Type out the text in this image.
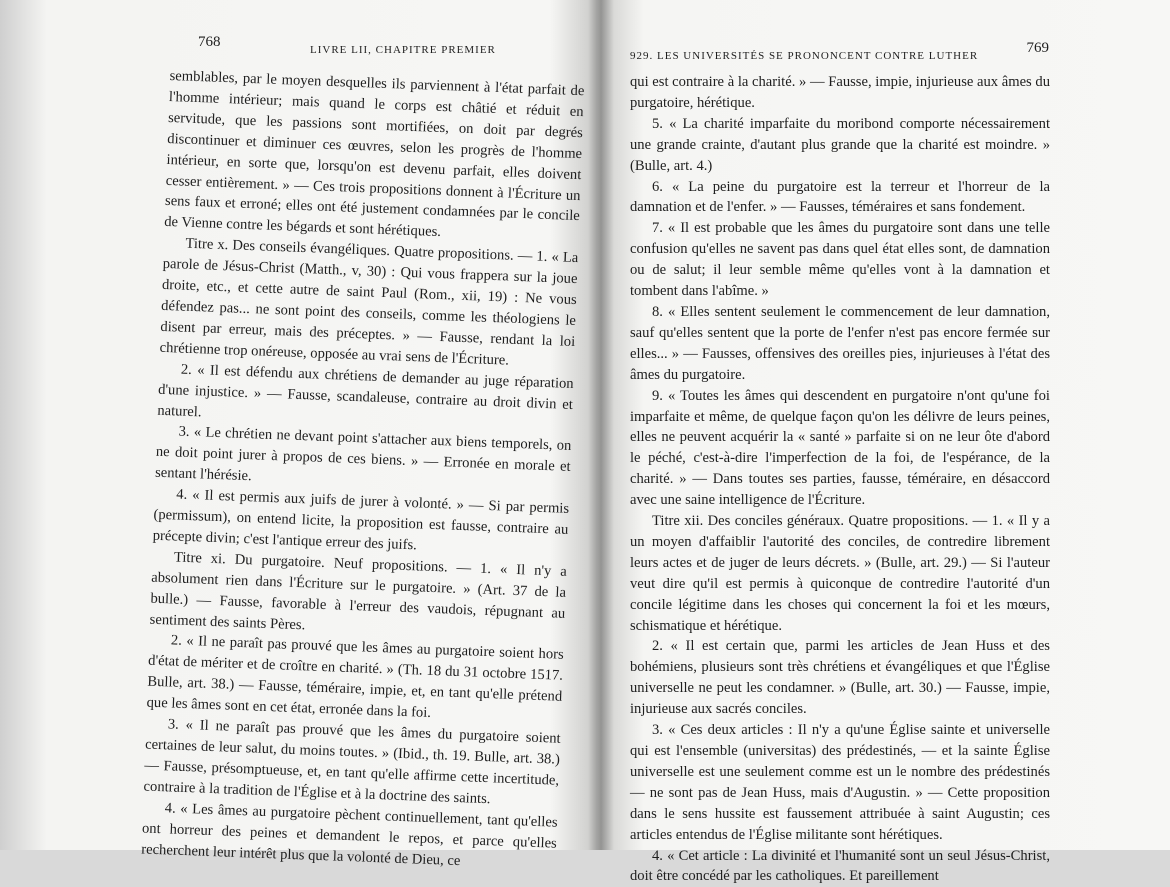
768	LIVRE LII, CHAPITRE PREMIER

semblables, par le moyen desquelles ils parviennent à l'état parfait de l'homme intérieur; mais quand le corps est châtié et réduit en servitude, que les passions sont mortifiées, on doit par degrés discontinuer et diminuer ces œuvres, selon les progrès de l'homme intérieur, en sorte que, lorsqu'on est devenu parfait, elles doivent cesser entièrement. » — Ces trois propositions donnent à l'Écriture un sens faux et erroné; elles ont été justement condamnées par le concile de Vienne contre les bégards et sont hérétiques.

Titre x. Des conseils évangéliques. Quatre propositions. — 1. « La parole de Jésus-Christ (Matth., v, 30) : Qui vous frappera sur la joue droite, etc., et cette autre de saint Paul (Rom., xii, 19) : Ne vous défendez pas... ne sont point des conseils, comme les théologiens le disent par erreur, mais des préceptes. » — Fausse, rendant la loi chrétienne trop onéreuse, opposée au vrai sens de l'Écriture.

2. « Il est défendu aux chrétiens de demander au juge réparation d'une injustice. » — Fausse, scandaleuse, contraire au droit divin et naturel.

3. « Le chrétien ne devant point s'attacher aux biens temporels, on ne doit point jurer à propos de ces biens. » — Erronée en morale et sentant l'hérésie.

4. « Il est permis aux juifs de jurer à volonté. » — Si par permis (permissum), on entend licite, la proposition est fausse, contraire au précepte divin; c'est l'antique erreur des juifs.

Titre xi. Du purgatoire. Neuf propositions. — 1. « Il n'y a absolument rien dans l'Écriture sur le purgatoire. » (Art. 37 de la bulle.) — Fausse, favorable à l'erreur des vaudois, répugnant au sentiment des saints Pères.

2. « Il ne paraît pas prouvé que les âmes au purgatoire soient hors d'état de mériter et de croître en charité. » (Th. 18 du 31 octobre 1517. Bulle, art. 38.) — Fausse, téméraire, impie, et, en tant qu'elle prétend que les âmes sont en cet état, erronée dans la foi.

3. « Il ne paraît pas prouvé que les âmes du purgatoire soient certaines de leur salut, du moins toutes. » (Ibid., th. 19. Bulle, art. 38.) — Fausse, présomptueuse, et, en tant qu'elle affirme cette incertitude, contraire à la tradition de l'Église et à la doctrine des saints.

4. « Les âmes au purgatoire pèchent continuellement, tant qu'elles ont horreur des peines et demandent le repos, et parce qu'elles recherchent leur intérêt plus que la volonté de Dieu, ce

929. LES UNIVERSITÉS SE PRONONCENT CONTRE LUTHER	769

qui est contraire à la charité. » — Fausse, impie, injurieuse aux âmes du purgatoire, hérétique.

5. « La charité imparfaite du moribond comporte nécessairement une grande crainte, d'autant plus grande que la charité est moindre. » (Bulle, art. 4.)

6. « La peine du purgatoire est la terreur et l'horreur de la damnation et de l'enfer. » — Fausses, téméraires et sans fondement.

7. « Il est probable que les âmes du purgatoire sont dans une telle confusion qu'elles ne savent pas dans quel état elles sont, de damnation ou de salut; il leur semble même qu'elles vont à la damnation et tombent dans l'abîme. »

8. « Elles sentent seulement le commencement de leur damnation, sauf qu'elles sentent que la porte de l'enfer n'est pas encore fermée sur elles... » — Fausses, offensives des oreilles pies, injurieuses à l'état des âmes du purgatoire.

9. « Toutes les âmes qui descendent en purgatoire n'ont qu'une foi imparfaite et même, de quelque façon qu'on les délivre de leurs peines, elles ne peuvent acquérir la « santé » parfaite si on ne leur ôte d'abord le péché, c'est-à-dire l'imperfection de la foi, de l'espérance, de la charité. » — Dans toutes ses parties, fausse, téméraire, en désaccord avec une saine intelligence de l'Écriture.

Titre xii. Des conciles généraux. Quatre propositions. — 1. « Il y a un moyen d'affaiblir l'autorité des conciles, de contredire librement leurs actes et de juger de leurs décrets. » (Bulle, art. 29.) — Si l'auteur veut dire qu'il est permis à quiconque de contredire l'autorité d'un concile légitime dans les choses qui concernent la foi et les mœurs, schismatique et hérétique.

2. « Il est certain que, parmi les articles de Jean Huss et des bohémiens, plusieurs sont très chrétiens et évangéliques et que l'Église universelle ne peut les condamner. » (Bulle, art. 30.) — Fausse, impie, injurieuse aux sacrés conciles.

3. « Ces deux articles : Il n'y a qu'une Église sainte et universelle qui est l'ensemble (universitas) des prédestinés, — et la sainte Église universelle est une seulement comme est un le nombre des prédestinés — ne sont pas de Jean Huss, mais d'Augustin. » — Cette proposition dans le sens hussite est faussement attribuée à saint Augustin; ces articles entendus de l'Église militante sont hérétiques.

4. « Cet article : La divinité et l'humanité sont un seul Jésus-Christ, doit être concédé par les catholiques. Et pareillement
